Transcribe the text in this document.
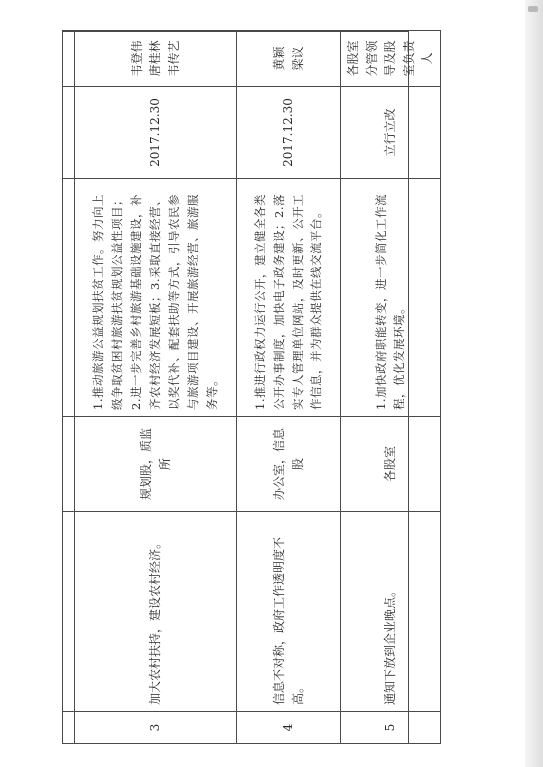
3	加大农村扶持，建设农村经济。	规划股，质监所	1.推动旅游公益规划扶贫工作。努力向上级争取贫困村旅游扶贫规划公益性项目； 2.进一步完善乡村旅游基础设施建设，补齐农村经济发展短板；3.采取直接经营、以奖代补、配套扶助等方式，引导农民参与旅游项目建设、开展旅游经营、旅游服务等。	2017.12.30	韦登伟 唐桂林 韦传艺

4	信息不对称，政府工作透明度不高。	办公室，信息股	1.推进行政权力运行公开，建立健全各类公开办事制度，加快电子政务建设；2.落实专人管理单位网站，及时更新、公开工作信息，并为群众提供在线交流平台。	2017.12.30	黄颖 梁议

5	通知下放到企业晚点。	各股室	1.加快政府职能转变，进一步简化工作流程，优化发展环境。	立行立改	各股室分管领导及股室负责人
